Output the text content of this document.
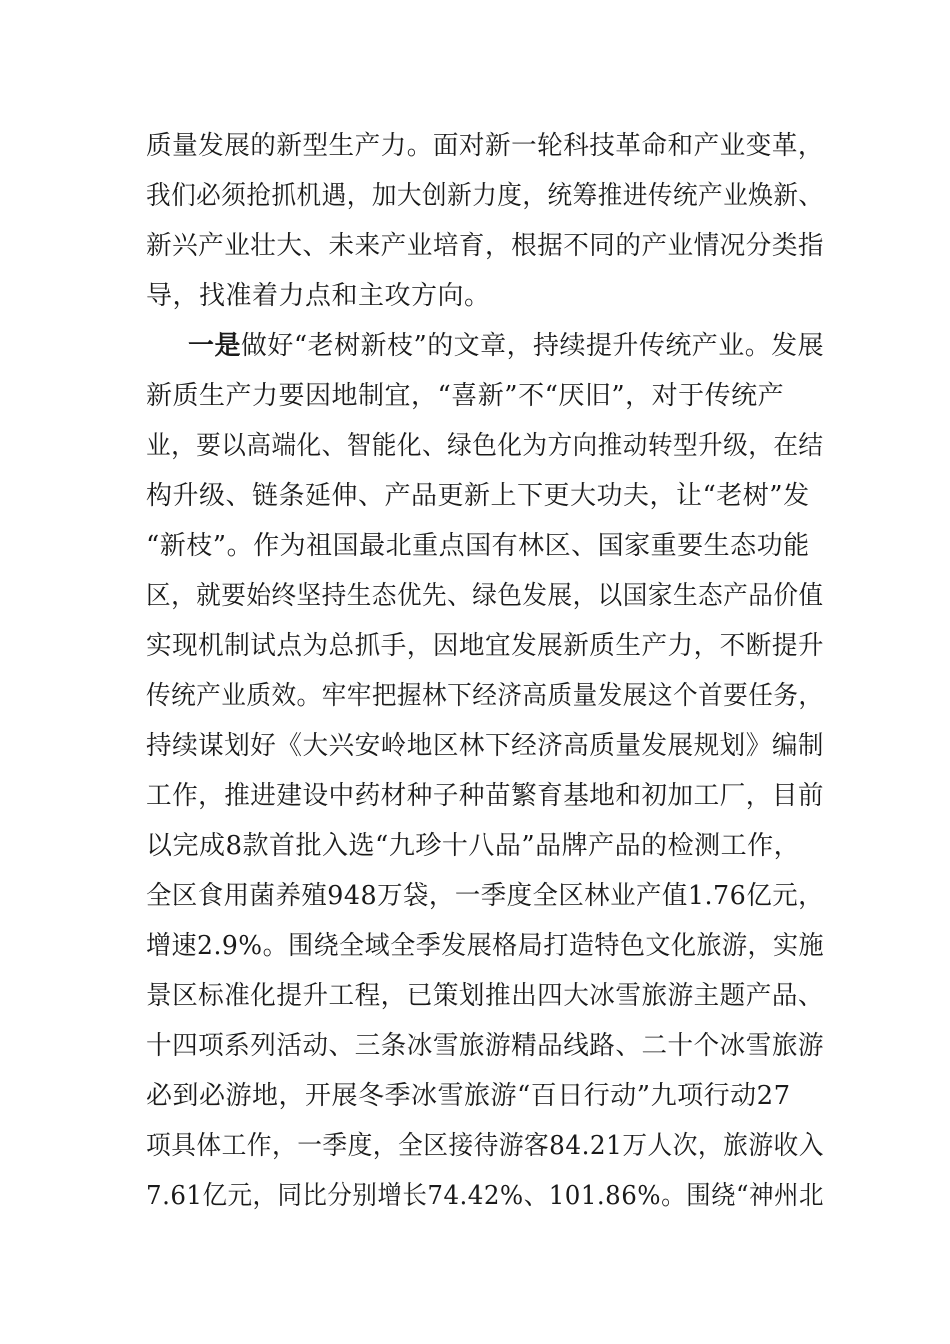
质量发展的新型生产力。面对新一轮科技革命和产业变革，
我们必须抢抓机遇，加大创新力度，统筹推进传统产业焕新、
新兴产业壮大、未来产业培育，根据不同的产业情况分类指
导，找准着力点和主攻方向。
一是做好“老树新枝”的文章，持续提升传统产业。发展
新质生产力要因地制宜，“喜新”不“厌旧”，对于传统产
业，要以高端化、智能化、绿色化为方向推动转型升级，在结
构升级、链条延伸、产品更新上下更大功夫，让“老树”发
“新枝”。作为祖国最北重点国有林区、国家重要生态功能
区，就要始终坚持生态优先、绿色发展，以国家生态产品价值
实现机制试点为总抓手，因地宜发展新质生产力，不断提升
传统产业质效。牢牢把握林下经济高质量发展这个首要任务，
持续谋划好《大兴安岭地区林下经济高质量发展规划》编制
工作，推进建设中药材种子种苗繁育基地和初加工厂，目前
以完成8款首批入选“九珍十八品”品牌产品的检测工作，
全区食用菌养殖948万袋，一季度全区林业产值1.76亿元，
增速2.9%。围绕全域全季发展格局打造特色文化旅游，实施
景区标准化提升工程，已策划推出四大冰雪旅游主题产品、
十四项系列活动、三条冰雪旅游精品线路、二十个冰雪旅游
必到必游地，开展冬季冰雪旅游“百日行动”九项行动27
项具体工作，一季度，全区接待游客84.21万人次，旅游收入
7.61亿元，同比分别增长74.42%、101.86%。围绕“神州北
